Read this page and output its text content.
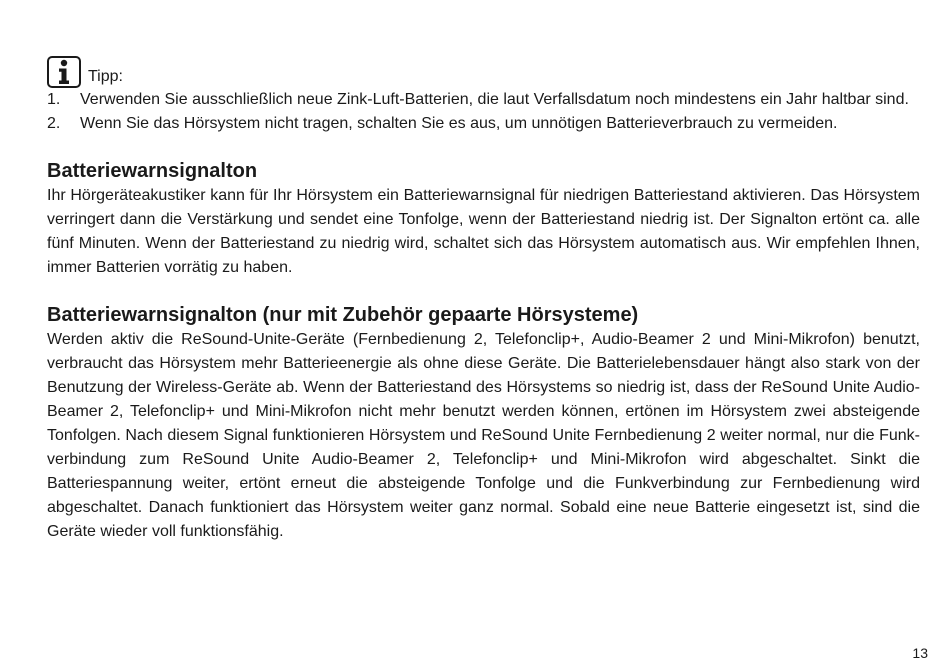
Tipp:
1.	Verwenden Sie ausschließlich neue Zink-Luft-Batterien, die laut Verfallsdatum noch mindestens ein Jahr haltbar sind.
2.	Wenn Sie das Hörsystem nicht tragen, schalten Sie es aus, um unnötigen Batterieverbrauch zu vermeiden.
Batteriewarnsignalton

Ihr Hörgeräteakustiker kann für Ihr Hörsystem ein Batteriewarnsignal für niedrigen Batteriestand aktivieren. Das Hörsystem verringert dann die Verstärkung und sendet eine Tonfolge, wenn der Batteriestand niedrig ist. Der Signalton ertönt ca. alle fünf Minuten. Wenn der Batteriestand zu niedrig wird, schaltet sich das Hörsystem automatisch aus. Wir empfehlen Ihnen, immer Batterien vorrätig zu haben.

Batteriewarnsignalton (nur mit Zubehör gepaarte Hörsysteme)

Werden aktiv die ReSound-Unite-Geräte (Fernbedienung 2, Telefonclip+, Audio-Beamer 2 und Mini-Mikrofon) benutzt, verbraucht das Hörsystem mehr Batterieenergie als ohne diese Geräte. Die Batterielebensdauer hängt also stark von der Benutzung der Wireless-Geräte ab. Wenn der Batteriestand des Hörsystems so niedrig ist, dass der ReSound Unite Audio-Beamer 2, Telefonclip+ und Mini-Mikrofon nicht mehr benutzt werden können, ertönen im Hörsystem zwei absteigende Tonfolgen. Nach diesem Signal funktionieren Hörsystem und ReSound Unite Fernbedienung 2 weiter normal, nur die Funkverbindung zum ReSound Unite Audio-Beamer 2, Telefonclip+ und Mini-Mikrofon wird abgeschaltet. Sinkt die Batteriespannung weiter, ertönt erneut die absteigende Tonfolge und die Funkverbindung zur Fernbedienung wird abgeschaltet. Danach funktioniert das Hörsystem weiter ganz normal. Sobald eine neue Batterie eingesetzt ist, sind die Geräte wieder voll funktionsfähig.

13
